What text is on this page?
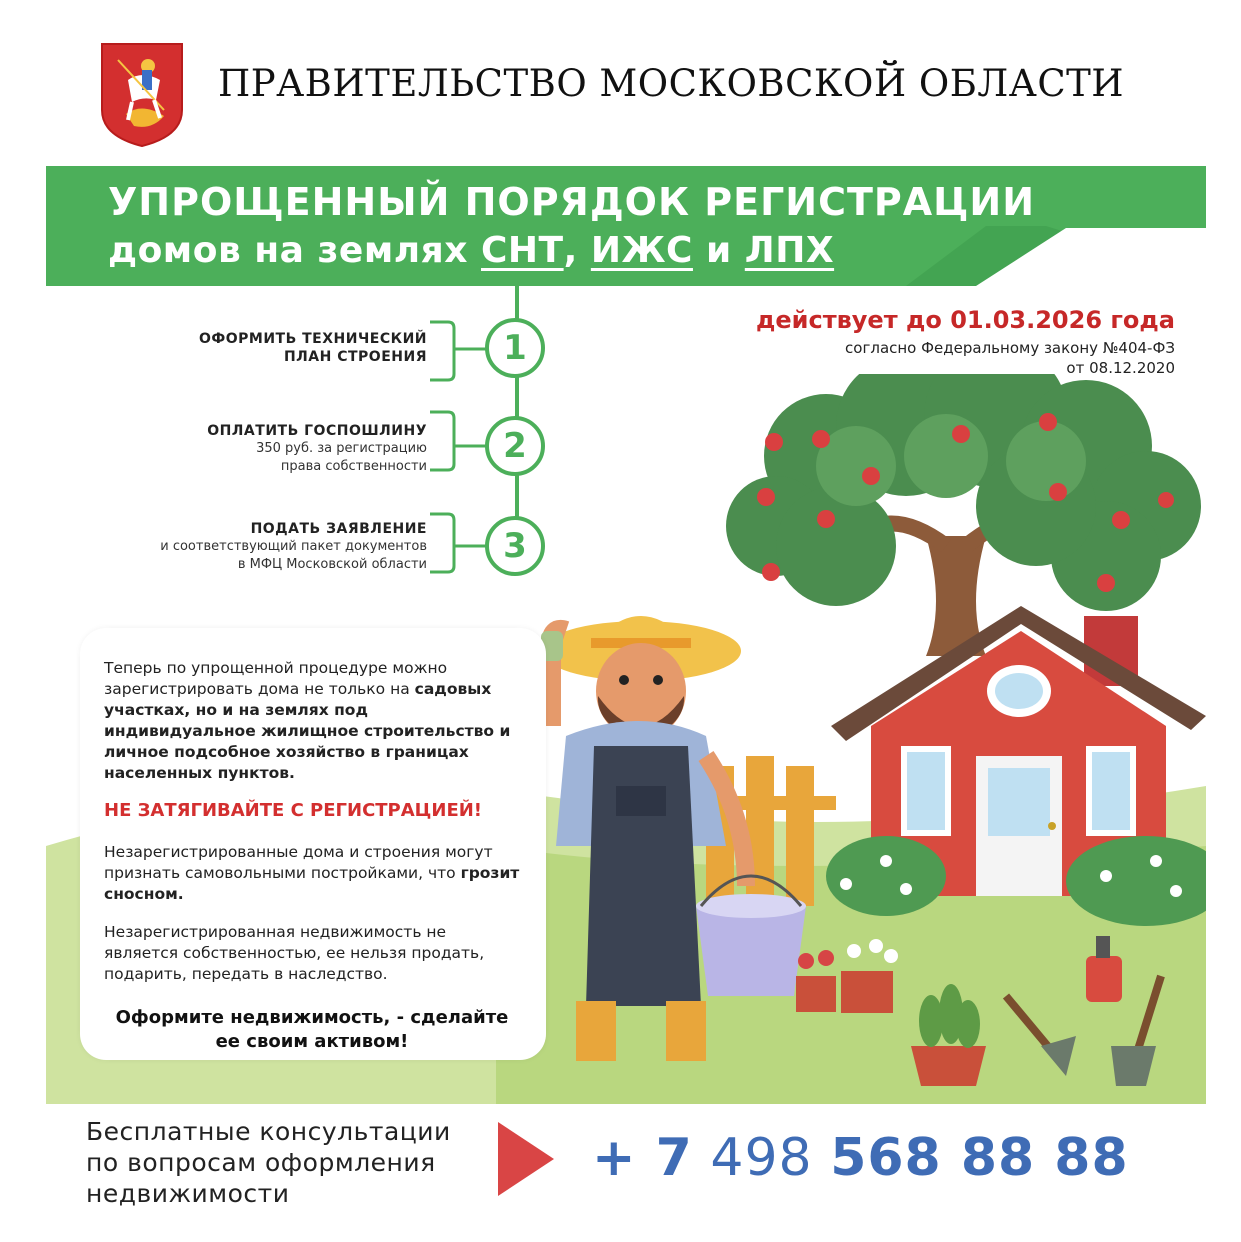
ПРАВИТЕЛЬСТВО МОСКОВСКОЙ ОБЛАСТИ
УПРОЩЕННЫЙ ПОРЯДОК РЕГИСТРАЦИИ
домов на землях СНТ, ИЖС и ЛПХ
ОФОРМИТЬ ТЕХНИЧЕСКИЙ
ПЛАН СТРОЕНИЯ	1
ОПЛАТИТЬ ГОСПОШЛИНУ
350 руб. за регистрацию
права собственности
2
ПОДАТЬ ЗАЯВЛЕНИЕ
и соответствующий пакет документов
в МФЦ Московской области	3
действует до 01.03.2026 года
согласно Федеральному закону №404-ФЗ
от 08.12.2020
Теперь по упрощенной процедуре можно зарегистрировать дома не только на садовых участках, но и на землях под индивидуальное жилищное строительство и личное подсобное хозяйство в границах населенных пунктов.
НЕ ЗАТЯГИВАЙТЕ С РЕГИСТРАЦИЕЙ!
Незарегистрированные дома и строения могут признать самовольными постройками, что грозит сносном.
Незарегистрированная недвижимость не является собственностью, ее нельзя продать, подарить, передать в наследство.
Оформите недвижимость, - сделайте
ее своим активом!
Бесплатные консультации
по вопросам оформления
недвижимости
+ 7 498 568 88 88
